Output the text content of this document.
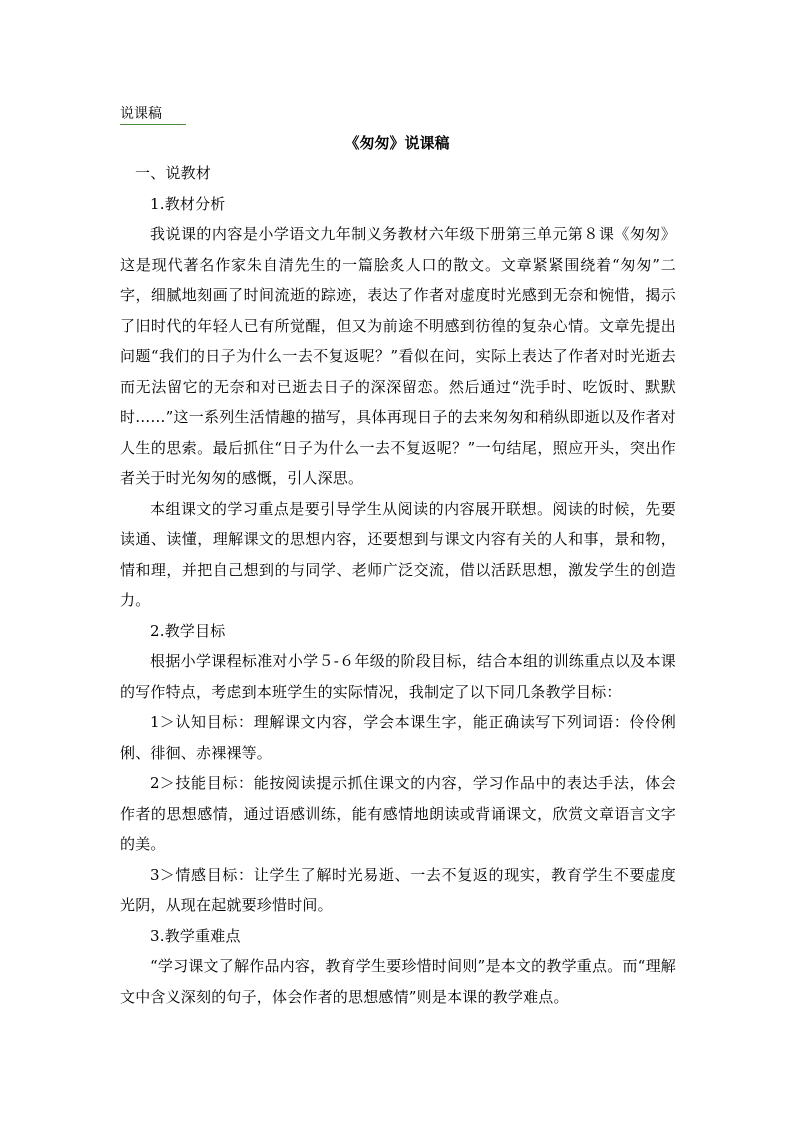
说课稿
《匆匆》说课稿

一、说教材

1.教材分析

我说课的内容是小学语文九年制义务教材六年级下册第三单元第８课《匆匆》这是现代著名作家朱自清先生的一篇脍炙人口的散文。文章紧紧围绕着“匆匆”二字，细腻地刻画了时间流逝的踪迹，表达了作者对虚度时光感到无奈和惋惜，揭示了旧时代的年轻人已有所觉醒，但又为前途不明感到彷徨的复杂心情。文章先提出问题“我们的日子为什么一去不复返呢？”看似在问，实际上表达了作者对时光逝去而无法留它的无奈和对已逝去日子的深深留恋。然后通过“洗手时、吃饭时、默默时……”这一系列生活情趣的描写，具体再现日子的去来匆匆和稍纵即逝以及作者对人生的思索。最后抓住“日子为什么一去不复返呢？”一句结尾，照应开头，突出作者关于时光匆匆的感慨，引人深思。

本组课文的学习重点是要引导学生从阅读的内容展开联想。阅读的时候，先要读通、读懂，理解课文的思想内容，还要想到与课文内容有关的人和事，景和物，情和理，并把自己想到的与同学、老师广泛交流，借以活跃思想，激发学生的创造力。

2.教学目标

根据小学课程标准对小学５-６年级的阶段目标，结合本组的训练重点以及本课的写作特点，考虑到本班学生的实际情况，我制定了以下同几条教学目标：

1＞认知目标：理解课文内容，学会本课生字，能正确读写下列词语：伶伶俐俐、徘徊、赤裸裸等。

2＞技能目标：能按阅读提示抓住课文的内容，学习作品中的表达手法，体会作者的思想感情，通过语感训练，能有感情地朗读或背诵课文，欣赏文章语言文字的美。

3＞情感目标：让学生了解时光易逝、一去不复返的现实，教育学生不要虚度光阴，从现在起就要珍惜时间。

3.教学重难点

“学习课文了解作品内容，教育学生要珍惜时间则”是本文的教学重点。而“理解文中含义深刻的句子，体会作者的思想感情”则是本课的教学难点。
